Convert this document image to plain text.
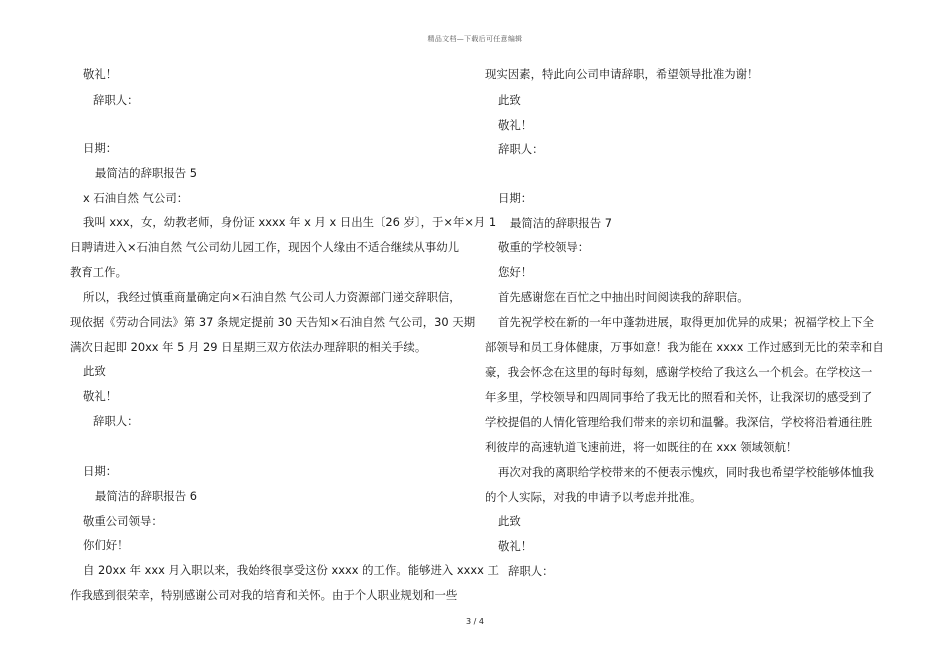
精品文档—下载后可任意编辑
敬礼！
辞职人：
日期：
最简洁的辞职报告 5
x 石油自然 气公司：
我叫 xxx，女，幼教老师，身份证 xxxx 年 x 月 x 日出生〔26 岁〕，于×年×月 1
日聘请进入×石油自然 气公司幼儿园工作，现因个人缘由不适合继续从事幼儿
教育工作。
所以，我经过慎重商量确定向×石油自然 气公司人力资源部门递交辞职信，
现依据《劳动合同法》第 37 条规定提前 30 天告知×石油自然 气公司，30 天期
满次日起即 20xx 年 5 月 29 日星期三双方依法办理辞职的相关手续。
此致
敬礼！
辞职人：
日期：
最简洁的辞职报告 6
敬重公司领导：
你们好！
自 20xx 年 xxx 月入职以来，我始终很享受这份 xxxx 的工作。能够进入 xxxx 工
作我感到很荣幸，特别感谢公司对我的培育和关怀。由于个人职业规划和一些
现实因素，特此向公司申请辞职，希望领导批准为谢！
此致
敬礼！
辞职人：
日期：
最简洁的辞职报告 7
敬重的学校领导：
您好！
首先感谢您在百忙之中抽出时间阅读我的辞职信。
首先祝学校在新的一年中蓬勃进展，取得更加优异的成果；祝福学校上下全
部领导和员工身体健康，万事如意！我为能在 xxxx 工作过感到无比的荣幸和自
豪，我会怀念在这里的每时每刻，感谢学校给了我这么一个机会。在学校这一
年多里，学校领导和四周同事给了我无比的照看和关怀，让我深切的感受到了
学校提倡的人情化管理给我们带来的亲切和温馨。我深信，学校将沿着通往胜
利彼岸的高速轨道飞速前进，将一如既往的在 xxx 领域领航！
再次对我的离职给学校带来的不便表示愧疚，同时我也希望学校能够体恤我
的个人实际，对我的申请予以考虑并批准。
此致
敬礼！
辞职人：
3 / 4
